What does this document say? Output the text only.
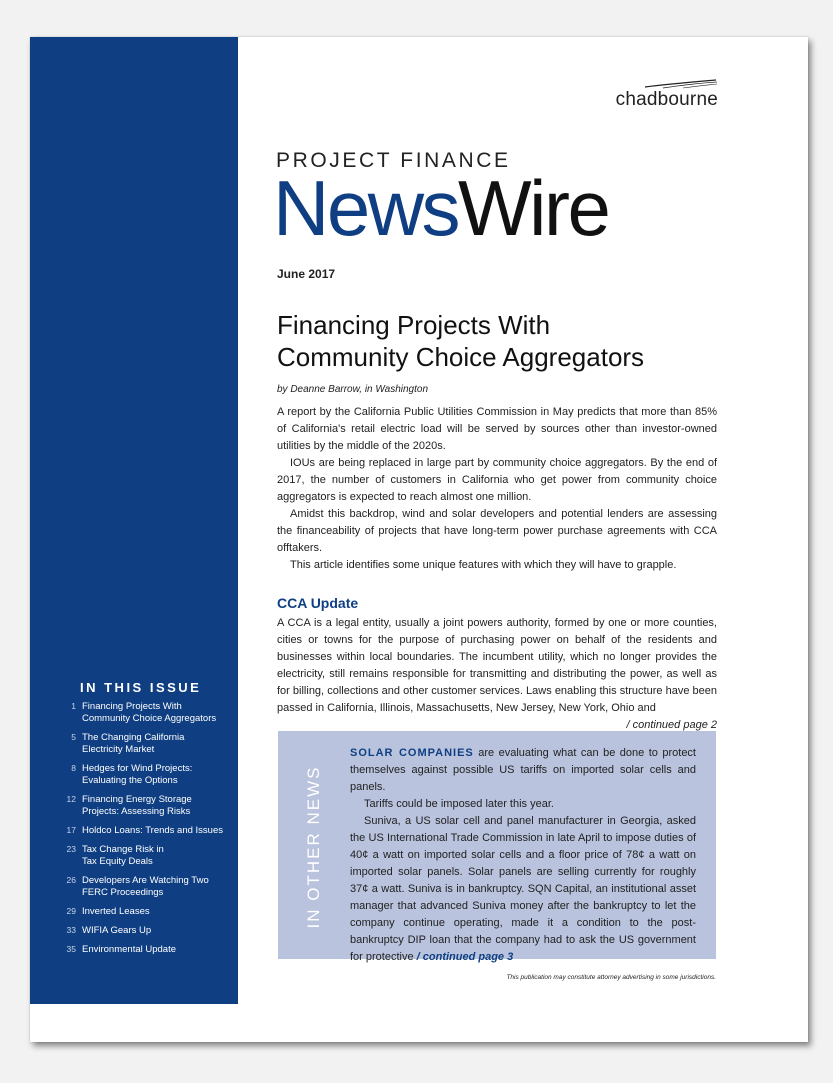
chadbourne
PROJECT FINANCE
NewsWire
June 2017
Financing Projects With
Community Choice Aggregators
by Deanne Barrow, in Washington

A report by the California Public Utilities Commission in May predicts that more than 85% of California's retail electric load will be served by sources other than investor-owned utilities by the middle of the 2020s.

IOUs are being replaced in large part by community choice aggregators. By the end of 2017, the number of customers in California who get power from community choice aggregators is expected to reach almost one million.

Amidst this backdrop, wind and solar developers and potential lenders are assessing the financeability of projects that have long-term power purchase agreements with CCA offtakers.

This article identifies some unique features with which they will have to grapple.

CCA Update

A CCA is a legal entity, usually a joint powers authority, formed by one or more counties, cities or towns for the purpose of purchasing power on behalf of the residents and businesses within local boundaries. The incumbent utility, which no longer provides the electricity, still remains responsible for transmitting and distributing the power, as well as for billing, collections and other customer services. Laws enabling this structure have been passed in California, Illinois, Massachusetts, New Jersey, New York, Ohio and
/ continued page 2

IN THIS ISSUE
1 Financing Projects With
Community Choice Aggregators
5 The Changing California
Electricity Market
8 Hedges for Wind Projects:
Evaluating the Options
12 Financing Energy Storage
Projects: Assessing Risks
17 Holdco Loans: Trends and Issues
23 Tax Change Risk in
Tax Equity Deals
26 Developers Are Watching Two
FERC Proceedings
29 Inverted Leases
33 WIFIA Gears Up
35 Environmental Update
IN OTHER NEWS

SOLAR COMPANIES are evaluating what can be done to protect themselves against possible US tariffs on imported solar cells and panels.

Tariffs could be imposed later this year.

Suniva, a US solar cell and panel manufacturer in Georgia, asked the US International Trade Commission in late April to impose duties of 40¢ a watt on imported solar cells and a floor price of 78¢ a watt on imported solar panels. Solar panels are selling currently for roughly 37¢ a watt. Suniva is in bankruptcy. SQN Capital, an institutional asset manager that advanced Suniva money after the bankruptcy to let the company continue operating, made it a condition to the post-bankruptcy DIP loan that the company had to ask the US government for protective / continued page 3

This publication may constitute attorney advertising in some jurisdictions.
